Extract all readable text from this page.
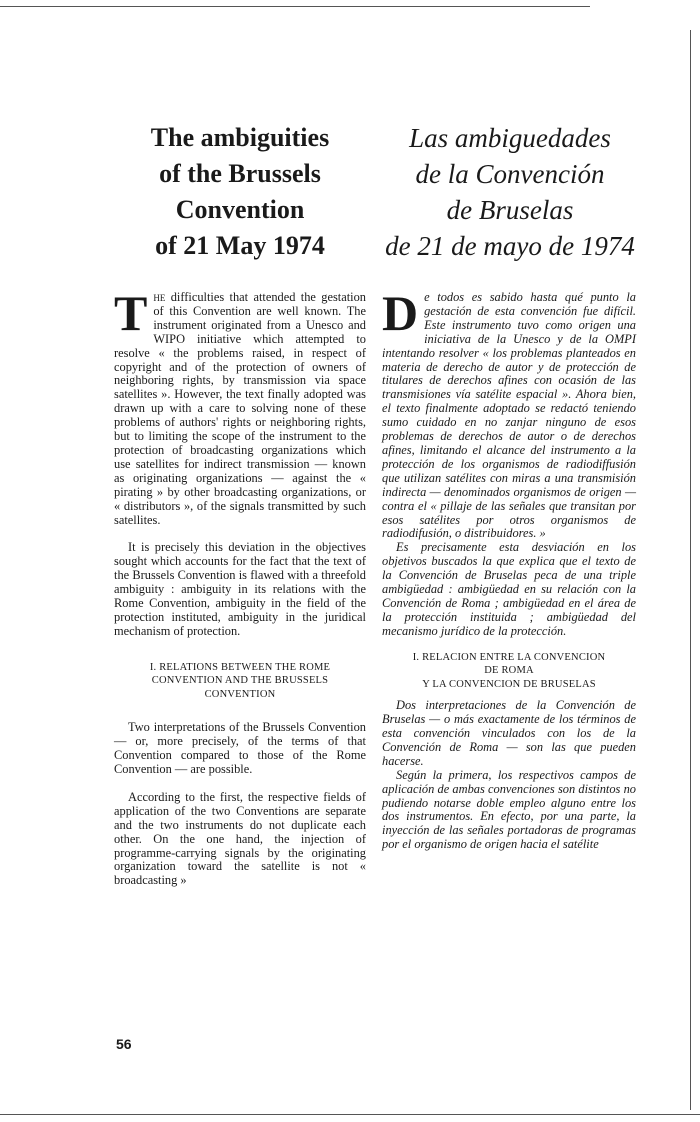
The ambiguities
of the Brussels
Convention
of 21 May 1974
Las ambiguedades
de la Convención
de Bruselas
de 21 de mayo de 1974

The difficulties that attended the gestation of this Convention are well known. The instrument originated from a Unesco and WIPO initiative which attempted to resolve « the problems raised, in respect of copyright and of the protection of owners of neighboring rights, by transmission via space satellites ». However, the text finally adopted was drawn up with a care to solving none of these problems of authors' rights or neighboring rights, but to limiting the scope of the instrument to the protection of broadcasting organizations which use satellites for indirect transmission — known as originating organizations — against the « pirating » by other broadcasting organizations, or « distributors », of the signals transmitted by such satellites.

It is precisely this deviation in the objectives sought which accounts for the fact that the text of the Brussels Convention is flawed with a threefold ambiguity : ambiguity in its relations with the Rome Convention, ambiguity in the field of the protection instituted, ambiguity in the juridical mechanism of protection.

I. RELATIONS BETWEEN THE ROME
CONVENTION AND THE BRUSSELS
CONVENTION

Two interpretations of the Brussels Convention — or, more precisely, of the terms of that Convention compared to those of the Rome Convention — are possible.

According to the first, the respective fields of application of the two Conventions are separate and the two instruments do not duplicate each other. On the one hand, the injection of programme-carrying signals by the originating organization toward the satellite is not « broadcasting »

De todos es sabido hasta qué punto la gestación de esta convención fue difícil. Este instrumento tuvo como origen una iniciativa de la Unesco y de la OMPI intentando resolver « los problemas planteados en materia de derecho de autor y de protección de titulares de derechos afines con ocasión de las transmisiones vía satélite espacial ». Ahora bien, el texto finalmente adoptado se redactó teniendo sumo cuidado en no zanjar ninguno de esos problemas de derechos de autor o de derechos afines, limitando el alcance del instrumento a la protección de los organismos de radiodiffusión que utilizan satélites con miras a una transmisión indirecta — denominados organismos de origen — contra el « pillaje de las señales que transitan por esos satélites por otros organismos de radiodifusión, o distribuidores. »

Es precisamente esta desviación en los objetivos buscados la que explica que el texto de la Convención de Bruselas peca de una triple ambigüedad : ambigüedad en su relación con la Convención de Roma ; ambigüedad en el área de la protección instituida ; ambigüedad del mecanismo jurídico de la protección.

I. RELACION ENTRE LA CONVENCION
DE ROMA
Y LA CONVENCION DE BRUSELAS

Dos interpretaciones de la Convención de Bruselas — o más exactamente de los términos de esta convención vinculados con los de la Convención de Roma — son las que pueden hacerse.

Según la primera, los respectivos campos de aplicación de ambas convenciones son distintos no pudiendo notarse doble empleo alguno entre los dos instrumentos. En efecto, por una parte, la inyección de las señales portadoras de programas por el organismo de origen hacia el satélite

56
